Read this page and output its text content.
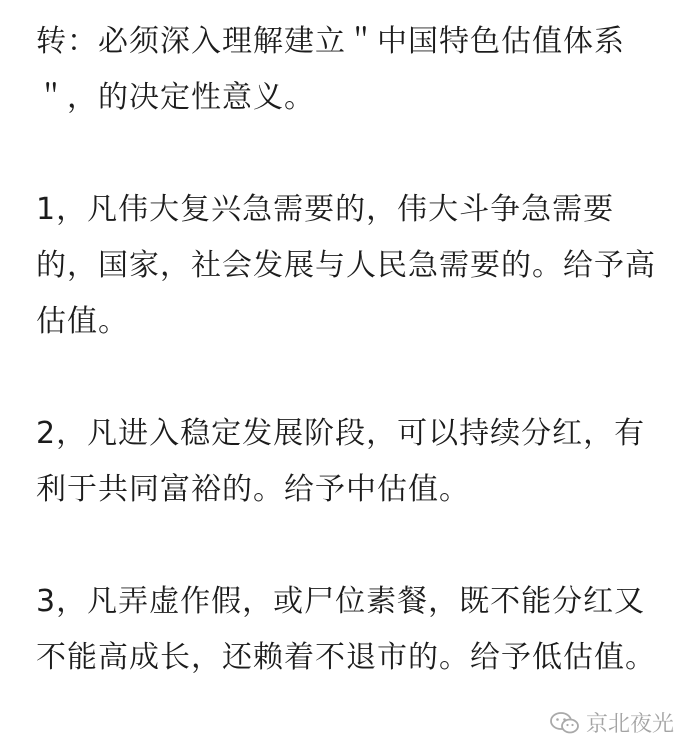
转：必须深入理解建立＂中国特色估值体系＂，的决定性意义。

1，凡伟大复兴急需要的，伟大斗争急需要的，国家，社会发展与人民急需要的。给予高估值。

2，凡进入稳定发展阶段，可以持续分红，有利于共同富裕的。给予中估值。

3，凡弄虚作假，或尸位素餐，既不能分红又不能高成长，还赖着不退市的。给予低估值。

京北夜光
